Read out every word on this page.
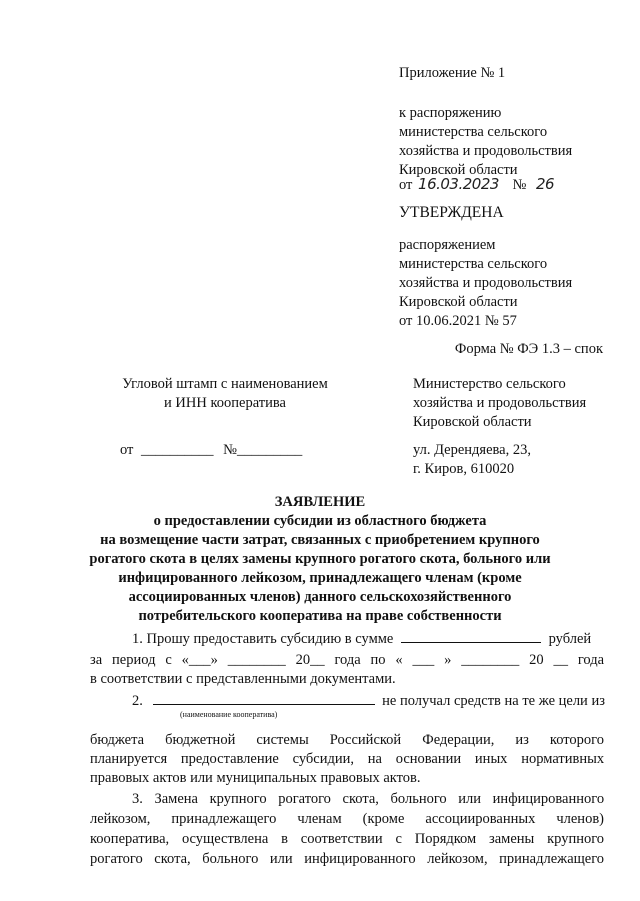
Приложение № 1
к распоряжению
министерства сельского
хозяйства и продовольствия
Кировской области
от 16.03.2023 № 26
УТВЕРЖДЕНА
распоряжением
министерства сельского
хозяйства и продовольствия
Кировской области
от 10.06.2021 № 57
Форма № ФЭ 1.3 – спок
Угловой штамп с наименованием
и ИНН кооператива
от __________ №_________
Министерство сельского
хозяйства и продовольствия
Кировской области
ул. Дерендяева, 23,
г. Киров, 610020
ЗАЯВЛЕНИЕ
о предоставлении субсидии из областного бюджета
на возмещение части затрат, связанных с приобретением крупного
рогатого скота в целях замены крупного рогатого скота, больного или
инфицированного лейкозом, принадлежащего членам (кроме
ассоциированных членов) данного сельскохозяйственного
потребительского кооператива на праве собственности
1. Прошу предоставить субсидию в сумме	рублей
за период с «___» ________ 20__ года по « ___ » ________ 20 __ года
в соответствии с представленными документами.
2.	не получал средств на те же цели из
(наименование кооператива)
бюджета бюджетной системы Российской Федерации, из которого
планируется предоставление субсидии, на основании иных нормативных
правовых актов или муниципальных правовых актов.
3. Замена крупного рогатого скота, больного или инфицированного
лейкозом, принадлежащего членам (кроме ассоциированных членов)
кооператива, осуществлена в соответствии с Порядком замены крупного
рогатого скота, больного или инфицированного лейкозом, принадлежащего
